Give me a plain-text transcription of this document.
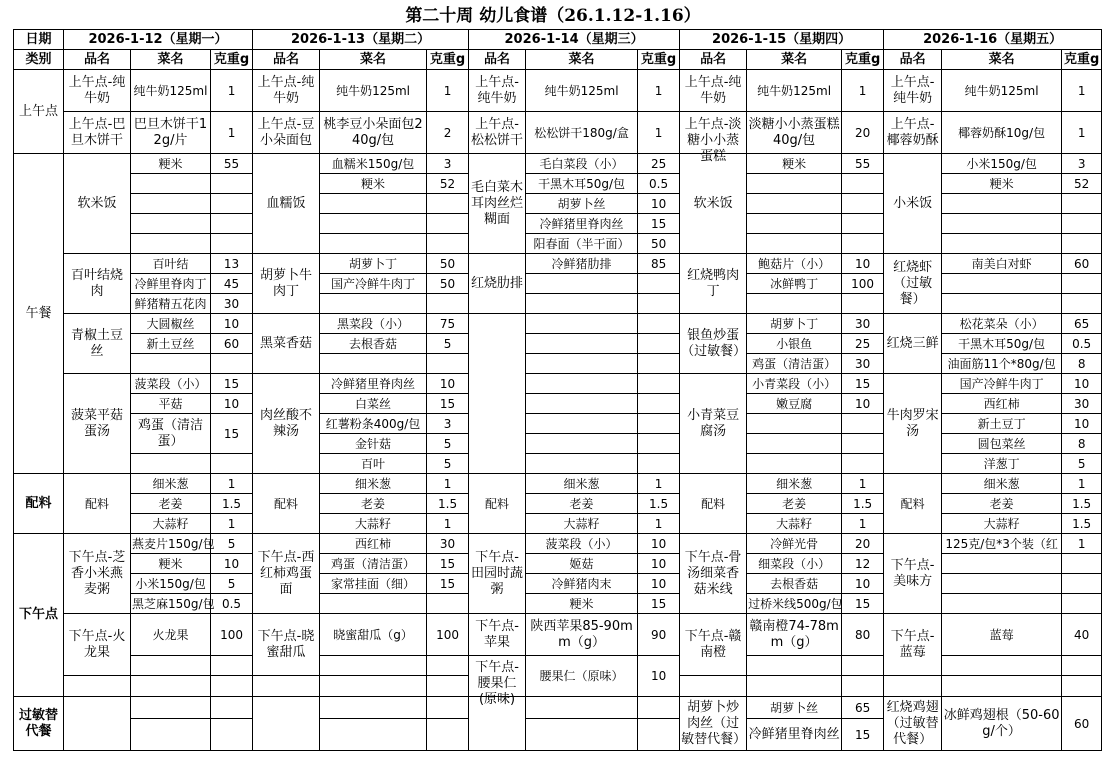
第二十周 幼儿食谱（26.1.12-1.16）
日期	2026-1-12（星期一）			2026-1-13（星期二）			2026-1-14（星期三）			2026-1-15（星期四）			2026-1-16（星期五）		
类别	品名	菜名	克重g	品名	菜名	克重g	品名	菜名	克重g	品名	菜名	克重g	品名	菜名	克重g
上午点	上午点-纯牛奶	纯牛奶125ml	1	上午点-纯牛奶	纯牛奶125ml	1	上午点-纯牛奶	纯牛奶125ml	1	上午点-纯牛奶	纯牛奶125ml	1	上午点-纯牛奶	纯牛奶125ml	1

	上午点-巴旦木饼干	巴旦木饼干12g/片	1	上午点-豆小朵面包	桃李豆小朵面包240g/包	2	上午点-松松饼干	松松饼干180g/盒	1	上午点-淡糖小小蒸蛋糕	淡糖小小蒸蛋糕40g/包	20	上午点-椰蓉奶酥	椰蓉奶酥10g/包	1
午餐	软米饭	粳米	55	血糯饭	血糯米150g/包	3	毛白菜木耳肉丝烂糊面	毛白菜段（小）	25	软米饭	粳米	55	小米饭	小米150g/包	3
					粳米	52		干黑木耳50g/包	0.5					粳米	52
								胡萝卜丝	10						
								冷鲜猪里脊肉丝	15						
								阳春面（半干面）	50						
	百叶结烧肉	百叶结	13	胡萝卜牛肉丁	胡萝卜丁	50	红烧肋排	冷鲜猪肋排	85	红烧鸭肉丁	鲍菇片（小）	10	红烧虾（过敏餐）	南美白对虾	60
		冷鲜里脊肉丁	45		国产冷鲜牛肉丁	50					冰鲜鸭丁	100			
		鲜猪精五花肉	30												
	青椒土豆丝	大圆椒丝	10	黑菜香菇	黑菜段（小）	75				银鱼炒蛋（过敏餐）	胡萝卜丁	30	红烧三鲜	松花菜朵（小）	65
		新土豆丝	60		去根香菇	5					小银鱼	25		干黑木耳50g/包	0.5
											鸡蛋（清洁蛋）	30		油面筋11个*80g/包	8
	菠菜平菇蛋汤	菠菜段（小）	15	肉丝酸不辣汤	冷鲜猪里脊肉丝	10				小青菜豆腐汤	小青菜段（小）	15	牛肉罗宋汤	国产冷鲜牛肉丁	10
		平菇	10		白菜丝	15					嫩豆腐	10		西红柿	30
		鸡蛋（清洁蛋）	15		红薯粉条400g/包	3								新土豆丁	10
					金针菇	5								圆包菜丝	8
					百叶	5								洋葱丁	5
配料	配料	细米葱	1	配料	细米葱	1	配料	细米葱	1	配料	细米葱	1	配料	细米葱	1
		老姜	1.5		老姜	1.5		老姜	1.5		老姜	1.5		老姜	1.5
		大蒜籽	1		大蒜籽	1		大蒜籽	1		大蒜籽	1		大蒜籽	1.5
下午点	下午点-芝香小米燕麦粥	燕麦片150g/包	5	下午点-西红柿鸡蛋面	西红柿	30	下午点-田园时蔬粥	菠菜段（小）	10	下午点-骨汤细菜香菇米线	冷鲜光骨	20	下午点-美味方	125克/包*3个装（红	1
		粳米	10		鸡蛋（清洁蛋）	15		姬菇	10		细菜段（小）	12			
		小米150g/包	5		家常挂面（细）	15		冷鲜猪肉末	10		去根香菇	10			
		黑芝麻150g/包	0.5					粳米	15		过桥米线500g/包	15			
	下午点-火龙果	火龙果	100	下午点-晓蜜甜瓜	晓蜜甜瓜（g）	100	下午点-苹果	陕西苹果85-90mm（g）	90	下午点-赣南橙	赣南橙74-78mm（g）	80	下午点-蓝莓	蓝莓	40

							下午点-腰果仁(原味)	腰果仁（原味）	10						

过敏替代餐										胡萝卜炒肉丝（过敏替代餐）	胡萝卜丝	65	红烧鸡翅（过敏替代餐）	冰鲜鸡翅根（50-60g/个）	60
											冷鲜猪里脊肉丝	15			
